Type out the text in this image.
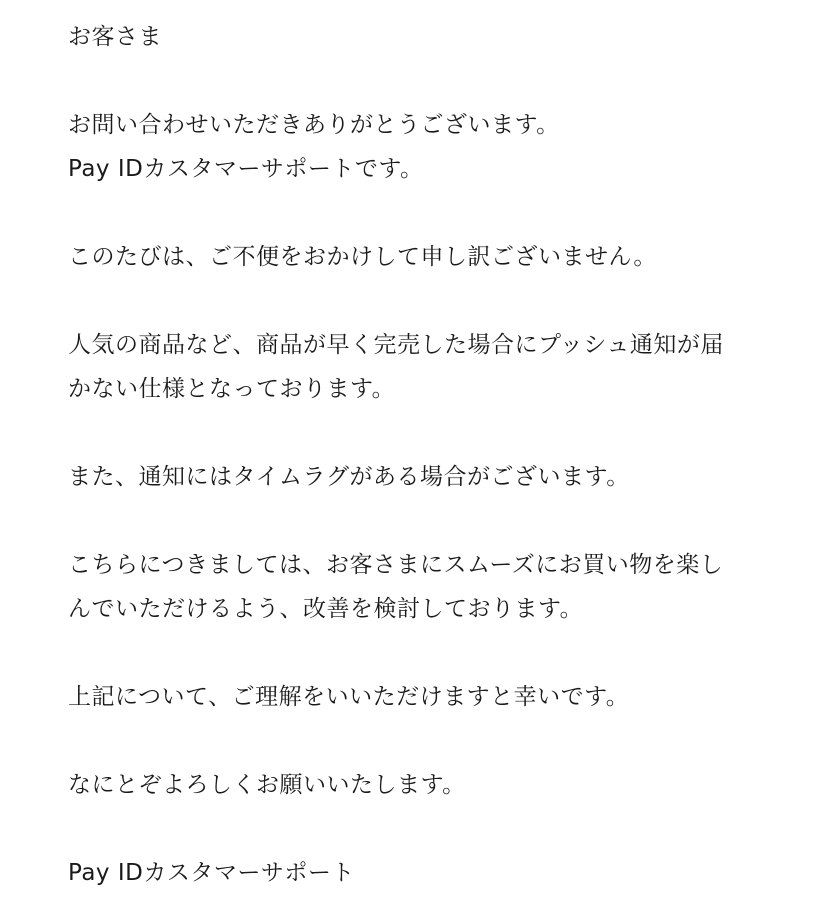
お客さま
お問い合わせいただきありがとうございます。
Pay IDカスタマーサポートです。
このたびは、ご不便をおかけして申し訳ございません。
人気の商品など、商品が早く完売した場合にプッシュ通知が届
かない仕様となっております。
また、通知にはタイムラグがある場合がございます。
こちらにつきましては、お客さまにスムーズにお買い物を楽し
んでいただけるよう、改善を検討しております。
上記について、ご理解をいいただけますと幸いです。
なにとぞよろしくお願いいたします。
Pay IDカスタマーサポート
